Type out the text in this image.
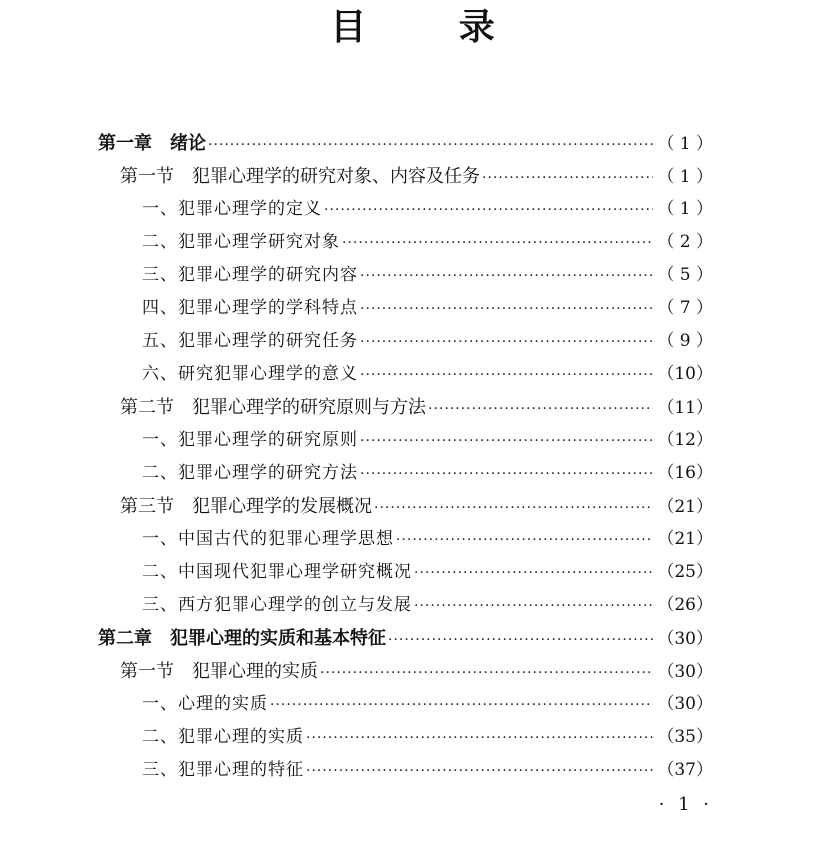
目 录
第一章　绪论 ·····	（ 1 ）
第一节　犯罪心理学的研究对象、内容及任务 ·····	（ 1 ）
一、犯罪心理学的定义 ·····	（ 1 ）
二、犯罪心理学研究对象 ·····	（ 2 ）
三、犯罪心理学的研究内容 ·····	（ 5 ）
四、犯罪心理学的学科特点 ·····	（ 7 ）
五、犯罪心理学的研究任务 ·····	（ 9 ）
六、研究犯罪心理学的意义 ·····	（10）
第二节　犯罪心理学的研究原则与方法 ·····	（11）
一、犯罪心理学的研究原则 ·····	（12）
二、犯罪心理学的研究方法 ·····	（16）
第三节　犯罪心理学的发展概况 ·····	（21）
一、中国古代的犯罪心理学思想 ·····	（21）
二、中国现代犯罪心理学研究概况 ·····	（25）
三、西方犯罪心理学的创立与发展 ·····	（26）
第二章　犯罪心理的实质和基本特征 ·····	（30）
第一节　犯罪心理的实质 ·····	（30）
一、心理的实质 ·····	（30）
二、犯罪心理的实质 ·····	（35）
三、犯罪心理的特征 ·····	（37）
· 1 ·
